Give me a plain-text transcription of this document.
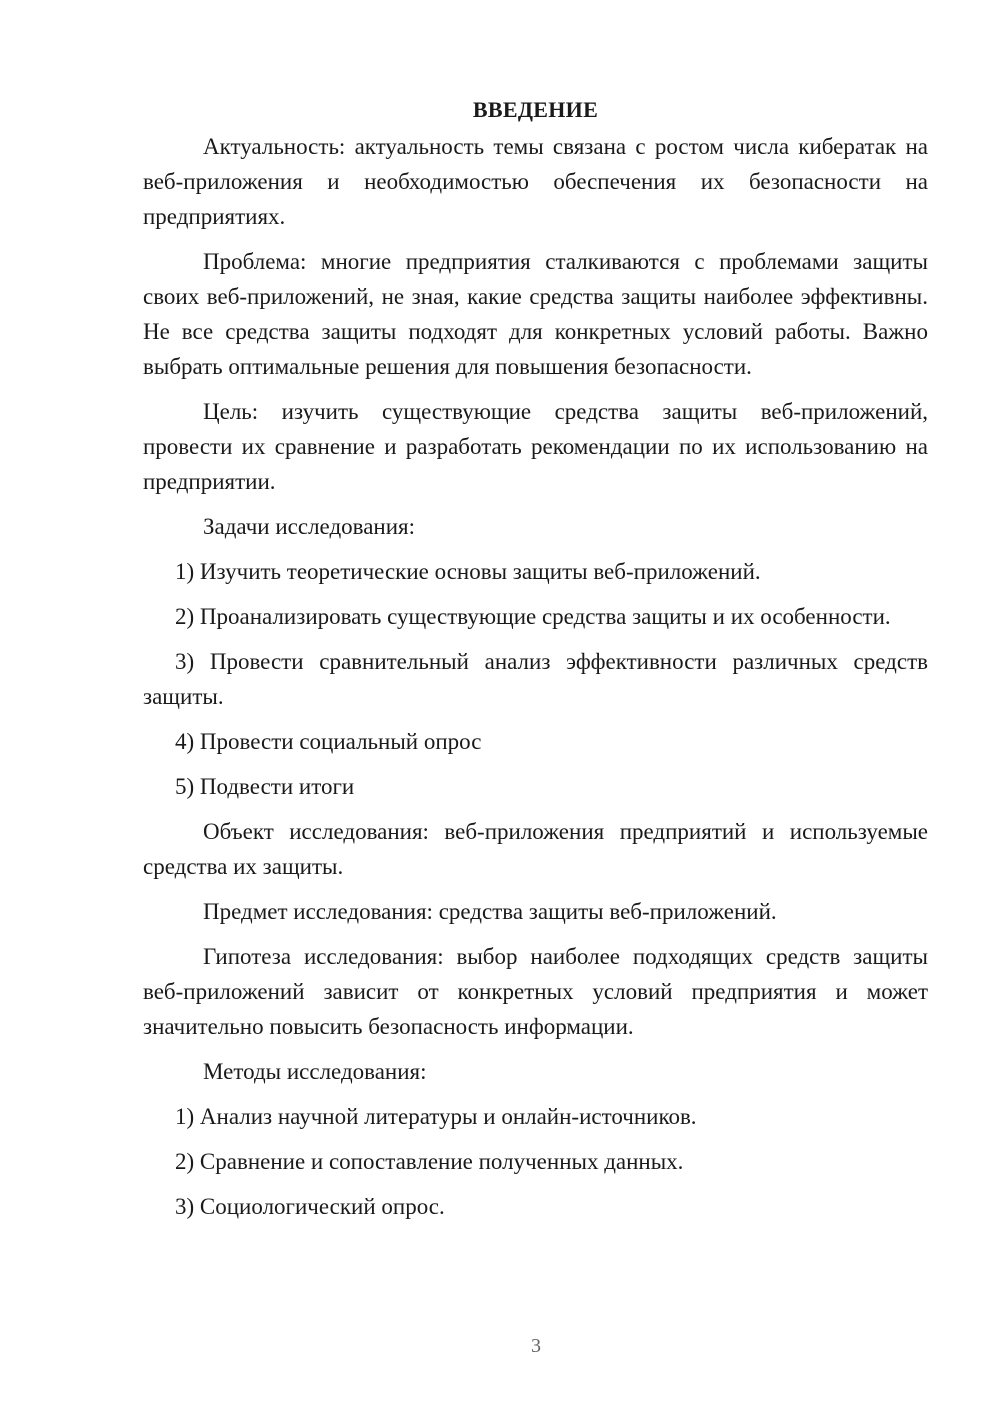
ВВЕДЕНИЕ

Актуальность: актуальность темы связана с ростом числа кибератак на веб-приложения и необходимостью обеспечения их безопасности на предприятиях.

Проблема: многие предприятия сталкиваются с проблемами защиты своих веб-приложений, не зная, какие средства защиты наиболее эффективны. Не все средства защиты подходят для конкретных условий работы. Важно выбрать оптимальные решения для повышения безопасности.

Цель: изучить существующие средства защиты веб-приложений, провести их сравнение и разработать рекомендации по их использованию на предприятии.

Задачи исследования:

1) Изучить теоретические основы защиты веб-приложений.

2) Проанализировать существующие средства защиты и их особенности.

3) Провести сравнительный анализ эффективности различных средств защиты.

4) Провести социальный опрос

5) Подвести итоги

Объект исследования: веб-приложения предприятий и используемые средства их защиты.

Предмет исследования: средства защиты веб-приложений.

Гипотеза исследования: выбор наиболее подходящих средств защиты веб-приложений зависит от конкретных условий предприятия и может значительно повысить безопасность информации.

Методы исследования:

1) Анализ научной литературы и онлайн-источников.

2) Сравнение и сопоставление полученных данных.

3) Социологический опрос.

3
